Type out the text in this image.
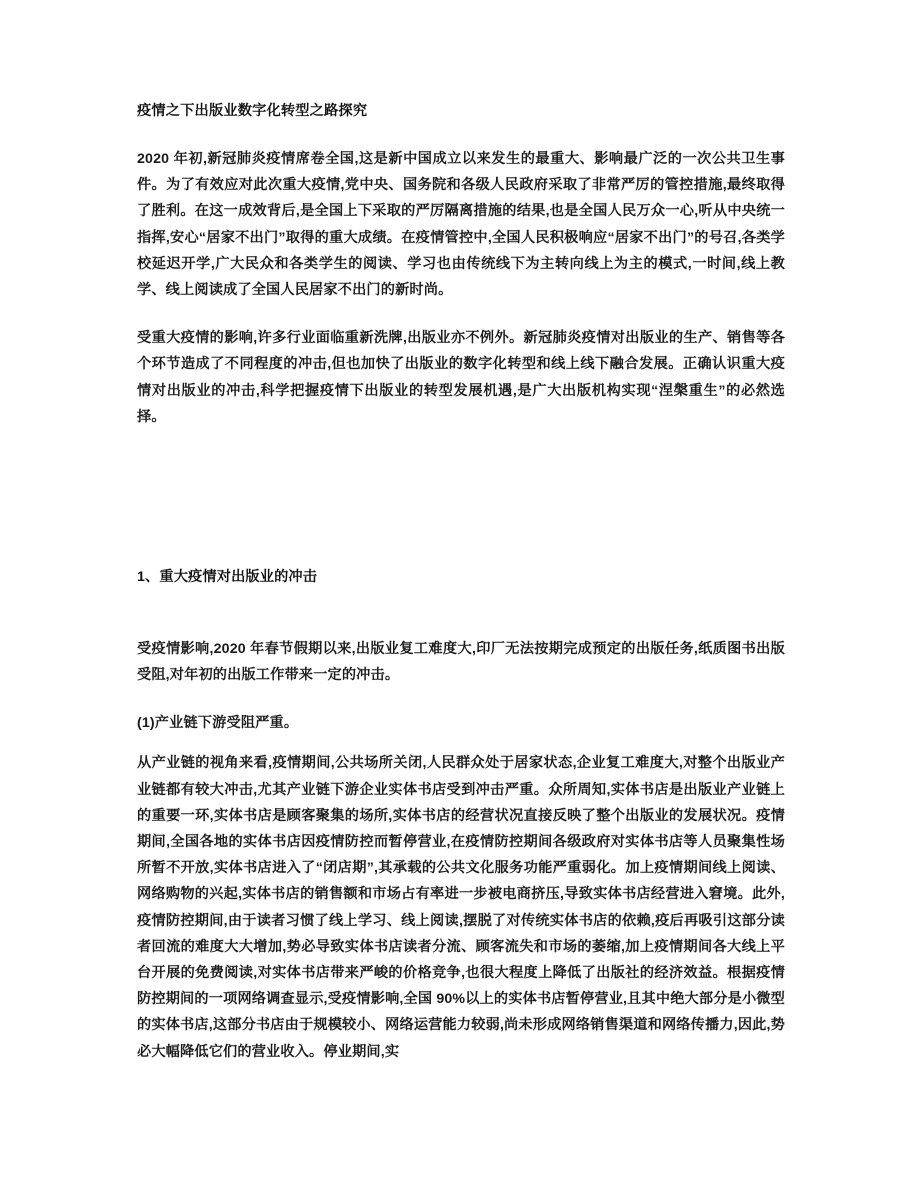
疫情之下出版业数字化转型之路探究

2020 年初,新冠肺炎疫情席卷全国,这是新中国成立以来发生的最重大、影响最广泛的一次公共卫生事件。为了有效应对此次重大疫情,党中央、国务院和各级人民政府采取了非常严厉的管控措施,最终取得了胜利。在这一成效背后,是全国上下采取的严厉隔离措施的结果,也是全国人民万众一心,听从中央统一指挥,安心“居家不出门”取得的重大成绩。在疫情管控中,全国人民积极响应“居家不出门”的号召,各类学校延迟开学,广大民众和各类学生的阅读、学习也由传统线下为主转向线上为主的模式,一时间,线上教学、线上阅读成了全国人民居家不出门的新时尚。

受重大疫情的影响,许多行业面临重新洗牌,出版业亦不例外。新冠肺炎疫情对出版业的生产、销售等各个环节造成了不同程度的冲击,但也加快了出版业的数字化转型和线上线下融合发展。正确认识重大疫情对出版业的冲击,科学把握疫情下出版业的转型发展机遇,是广大出版机构实现“涅槃重生”的必然选择。

1、重大疫情对出版业的冲击

受疫情影响,2020 年春节假期以来,出版业复工难度大,印厂无法按期完成预定的出版任务,纸质图书出版受阻,对年初的出版工作带来一定的冲击。

(1)产业链下游受阻严重。

从产业链的视角来看,疫情期间,公共场所关闭,人民群众处于居家状态,企业复工难度大,对整个出版业产业链都有较大冲击,尤其产业链下游企业实体书店受到冲击严重。众所周知,实体书店是出版业产业链上的重要一环,实体书店是顾客聚集的场所,实体书店的经营状况直接反映了整个出版业的发展状况。疫情期间,全国各地的实体书店因疫情防控而暂停营业,在疫情防控期间各级政府对实体书店等人员聚集性场所暂不开放,实体书店进入了“闭店期”,其承载的公共文化服务功能严重弱化。加上疫情期间线上阅读、网络购物的兴起,实体书店的销售额和市场占有率进一步被电商挤压,导致实体书店经营进入窘境。此外,疫情防控期间,由于读者习惯了线上学习、线上阅读,摆脱了对传统实体书店的依赖,疫后再吸引这部分读者回流的难度大大增加,势必导致实体书店读者分流、顾客流失和市场的萎缩,加上疫情期间各大线上平台开展的免费阅读,对实体书店带来严峻的价格竞争,也很大程度上降低了出版社的经济效益。根据疫情防控期间的一项网络调查显示,受疫情影响,全国 90%以上的实体书店暂停营业,且其中绝大部分是小微型的实体书店,这部分书店由于规模较小、网络运营能力较弱,尚未形成网络销售渠道和网络传播力,因此,势必大幅降低它们的营业收入。停业期间,实
